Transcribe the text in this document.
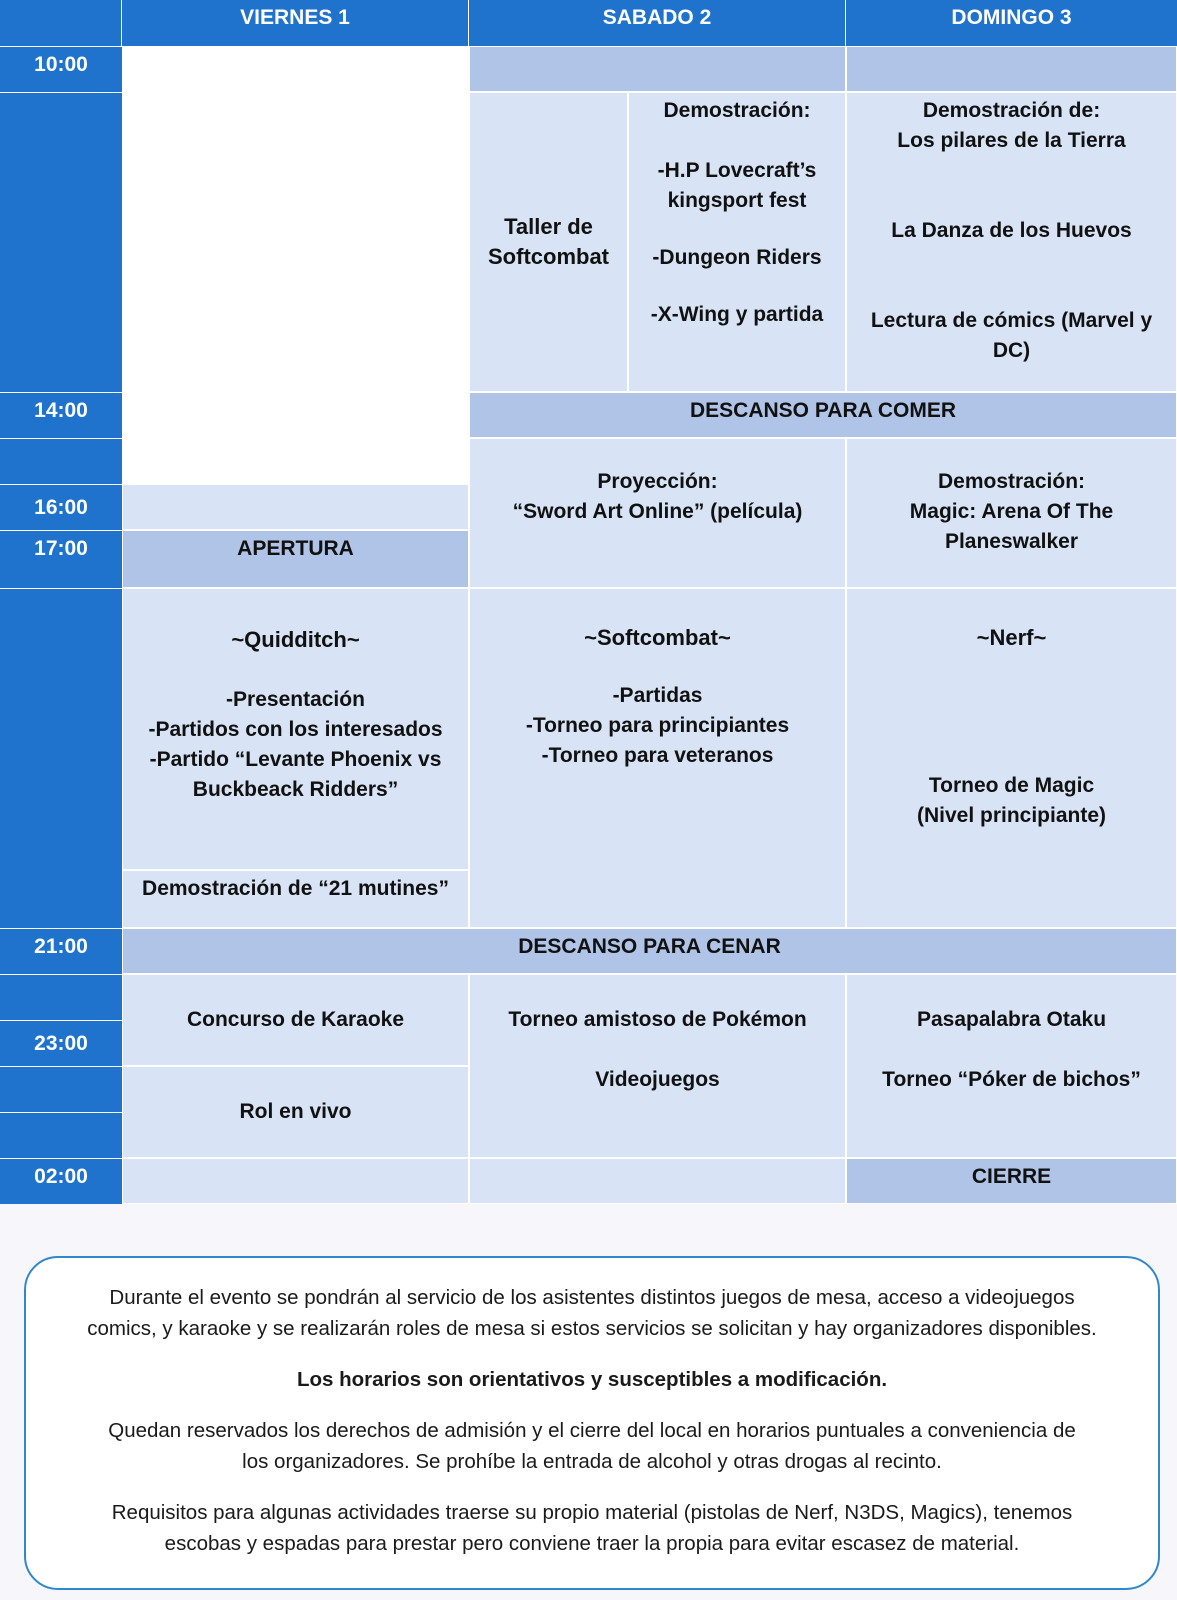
VIERNES 1	SABADO 2	DOMINGO 3
10:00
14:00
16:00
17:00
21:00
23:00
02:00
APERTURA
~Quidditch~
-Presentación
-Partidos con los interesados
-Partido “Levante Phoenix vs
Buckbeack Ridders”
Demostración de “21 mutines”
Concurso de Karaoke
Rol en vivo
Taller de
Softcombat
Demostración:
-H.P Lovecraft’s
kingsport fest
-Dungeon Riders
-X-Wing y partida
DESCANSO PARA COMER
Proyección:
“Sword Art Online” (película)
~Softcombat~
-Partidas
-Torneo para principiantes
-Torneo para veteranos
Torneo amistoso de Pokémon
Videojuegos
Demostración de:
Los pilares de la Tierra
La Danza de los Huevos
Lectura de cómics (Marvel y
DC)
Demostración:
Magic: Arena Of The
Planeswalker
~Nerf~
Torneo de Magic
(Nivel principiante)
Pasapalabra Otaku
Torneo “Póker de bichos”
CIERRE
DESCANSO PARA CENAR

Durante el evento se pondrán al servicio de los asistentes distintos juegos de mesa, acceso a videojuegos
comics, y karaoke y se realizarán roles de mesa si estos servicios se solicitan y hay organizadores disponibles.

Los horarios son orientativos y susceptibles a modificación.

Quedan reservados los derechos de admisión y el cierre del local en horarios puntuales a conveniencia de
los organizadores. Se prohíbe la entrada de alcohol y otras drogas al recinto.

Requisitos para algunas actividades traerse su propio material (pistolas de Nerf, N3DS, Magics), tenemos
escobas y espadas para prestar pero conviene traer la propia para evitar escasez de material.
